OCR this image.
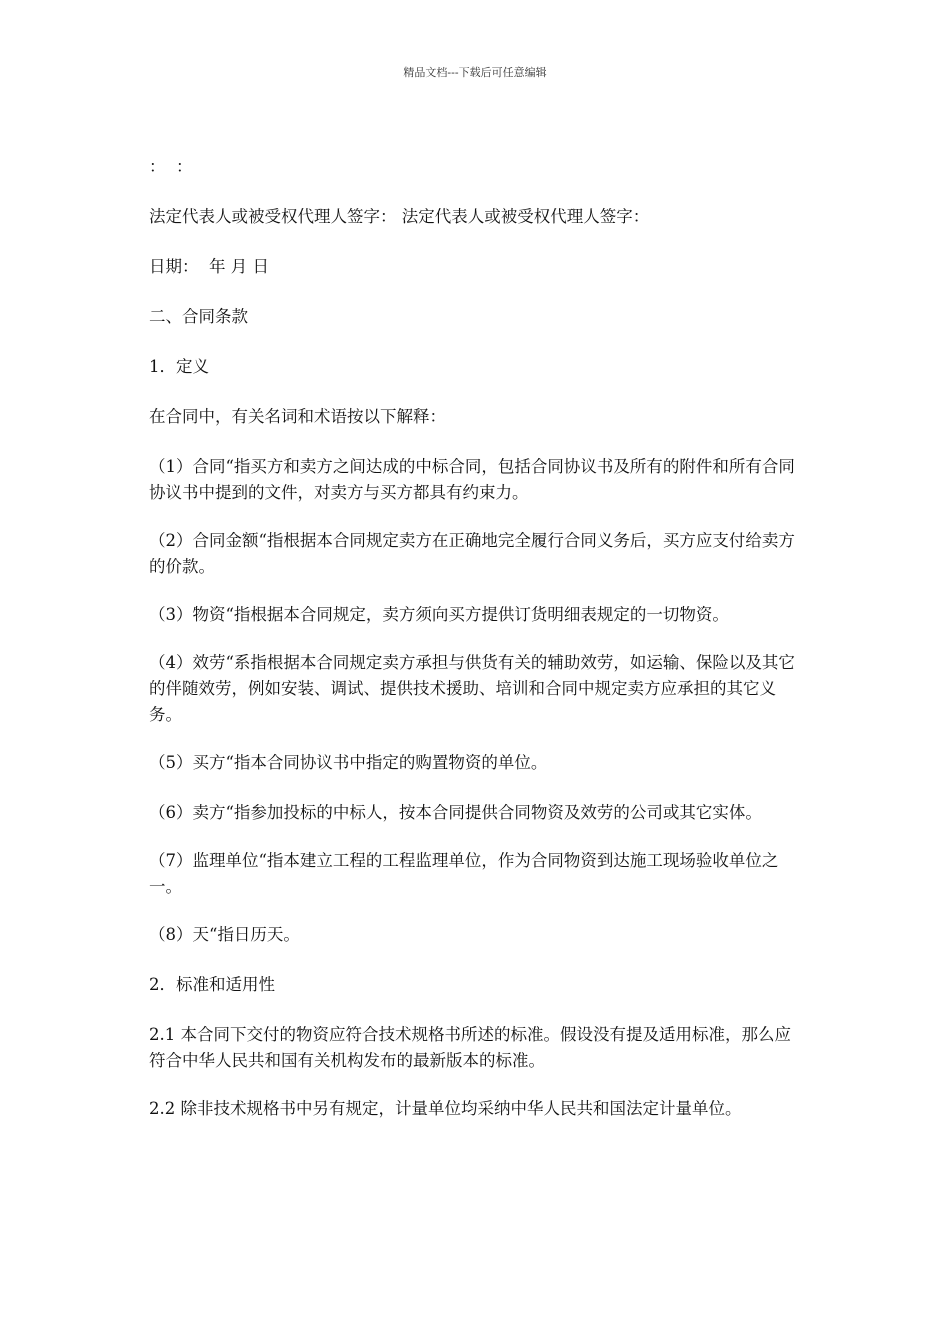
精品文档---下载后可任意编辑

：  ：

法定代表人或被受权代理人签字： 法定代表人或被受权代理人签字：

日期：  年 月 日

二、合同条款

1．定义

在合同中，有关名词和术语按以下解释：

（1）合同“指买方和卖方之间达成的中标合同，包括合同协议书及所有的附件和所有合同协议书中提到的文件，对卖方与买方都具有约束力。

（2）合同金额“指根据本合同规定卖方在正确地完全履行合同义务后，买方应支付给卖方的价款。

（3）物资“指根据本合同规定，卖方须向买方提供订货明细表规定的一切物资。

（4）效劳“系指根据本合同规定卖方承担与供货有关的辅助效劳，如运输、保险以及其它的伴随效劳，例如安装、调试、提供技术援助、培训和合同中规定卖方应承担的其它义务。

（5）买方“指本合同协议书中指定的购置物资的单位。

（6）卖方“指参加投标的中标人，按本合同提供合同物资及效劳的公司或其它实体。

（7）监理单位“指本建立工程的工程监理单位，作为合同物资到达施工现场验收单位之一。

（8）天“指日历天。

2．标准和适用性

2.1 本合同下交付的物资应符合技术规格书所述的标准。假设没有提及适用标准，那么应符合中华人民共和国有关机构发布的最新版本的标准。

2.2 除非技术规格书中另有规定，计量单位均采纳中华人民共和国法定计量单位。
